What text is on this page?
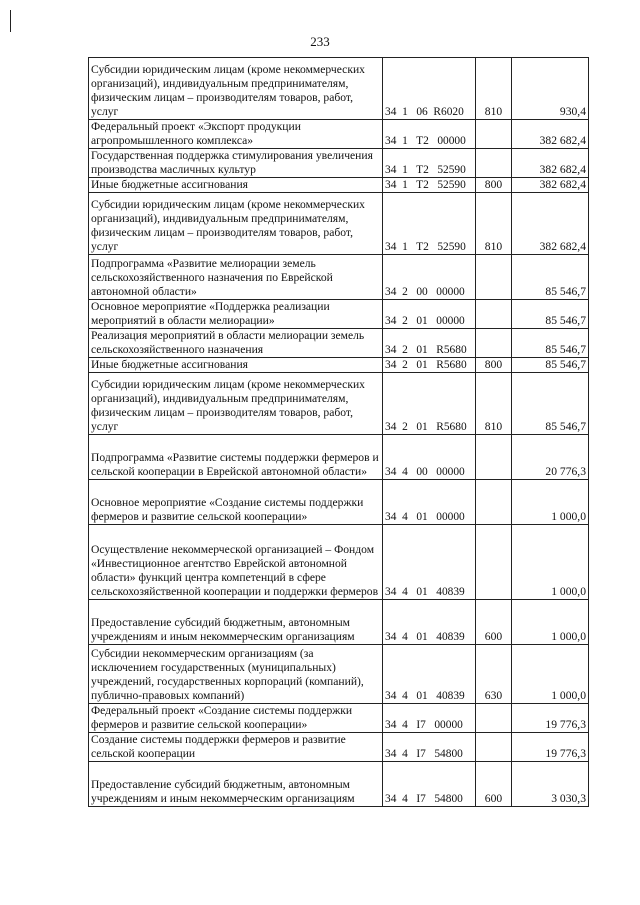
233
Субсидии юридическим лицам (кроме некоммерческих организаций), индивидуальным предпринимателям, физическим лицам – производителям товаров, работ, услуг	34  1   06  R6020	810	930,4
Федеральный проект «Экспорт продукции агропромышленного комплекса»	34  1   T2   00000		382 682,4
Государственная поддержка стимулирования увеличения производства масличных культур	34  1   T2   52590		382 682,4
Иные бюджетные ассигнования	34  1   T2   52590	800	382 682,4
Субсидии юридическим лицам (кроме некоммерческих организаций), индивидуальным предпринимателям, физическим лицам – производителям товаров, работ, услуг	34  1   T2   52590	810	382 682,4
Подпрограмма «Развитие мелиорации земель сельскохозяйственного назначения по Еврейской автономной области»	34  2   00   00000		85 546,7
Основное мероприятие «Поддержка реализации мероприятий в области мелиорации»	34  2   01   00000		85 546,7
Реализация мероприятий в области мелиорации земель сельскохозяйственного назначения	34  2   01   R5680		85 546,7
Иные бюджетные ассигнования	34  2   01   R5680	800	85 546,7
Субсидии юридическим лицам (кроме некоммерческих организаций), индивидуальным предпринимателям, физическим лицам – производителям товаров, работ, услуг	34  2   01   R5680	810	85 546,7
Подпрограмма «Развитие системы поддержки фермеров и сельской кооперации в Еврейской автономной области»	34  4   00   00000		20 776,3
Основное мероприятие «Создание системы поддержки фермеров и развитие сельской кооперации»	34  4   01   00000		1 000,0
Осуществление некоммерческой организацией – Фондом «Инвестиционное агентство Еврейской автономной области» функций центра компетенций в сфере сельскохозяйственной кооперации и поддержки фермеров	34  4   01   40839		1 000,0
Предоставление субсидий бюджетным, автономным учреждениям и иным некоммерческим организациям	34  4   01   40839	600	1 000,0
Субсидии некоммерческим организациям (за исключением государственных (муниципальных) учреждений, государственных корпораций (компаний), публично-правовых компаний)	34  4   01   40839	630	1 000,0
Федеральный проект «Создание системы поддержки фермеров и развитие сельской кооперации»	34  4   I7   00000		19 776,3
Создание системы поддержки фермеров и развитие сельской кооперации	34  4   I7   54800		19 776,3
Предоставление субсидий бюджетным, автономным учреждениям и иным некоммерческим организациям	34  4   I7   54800	600	3 030,3
